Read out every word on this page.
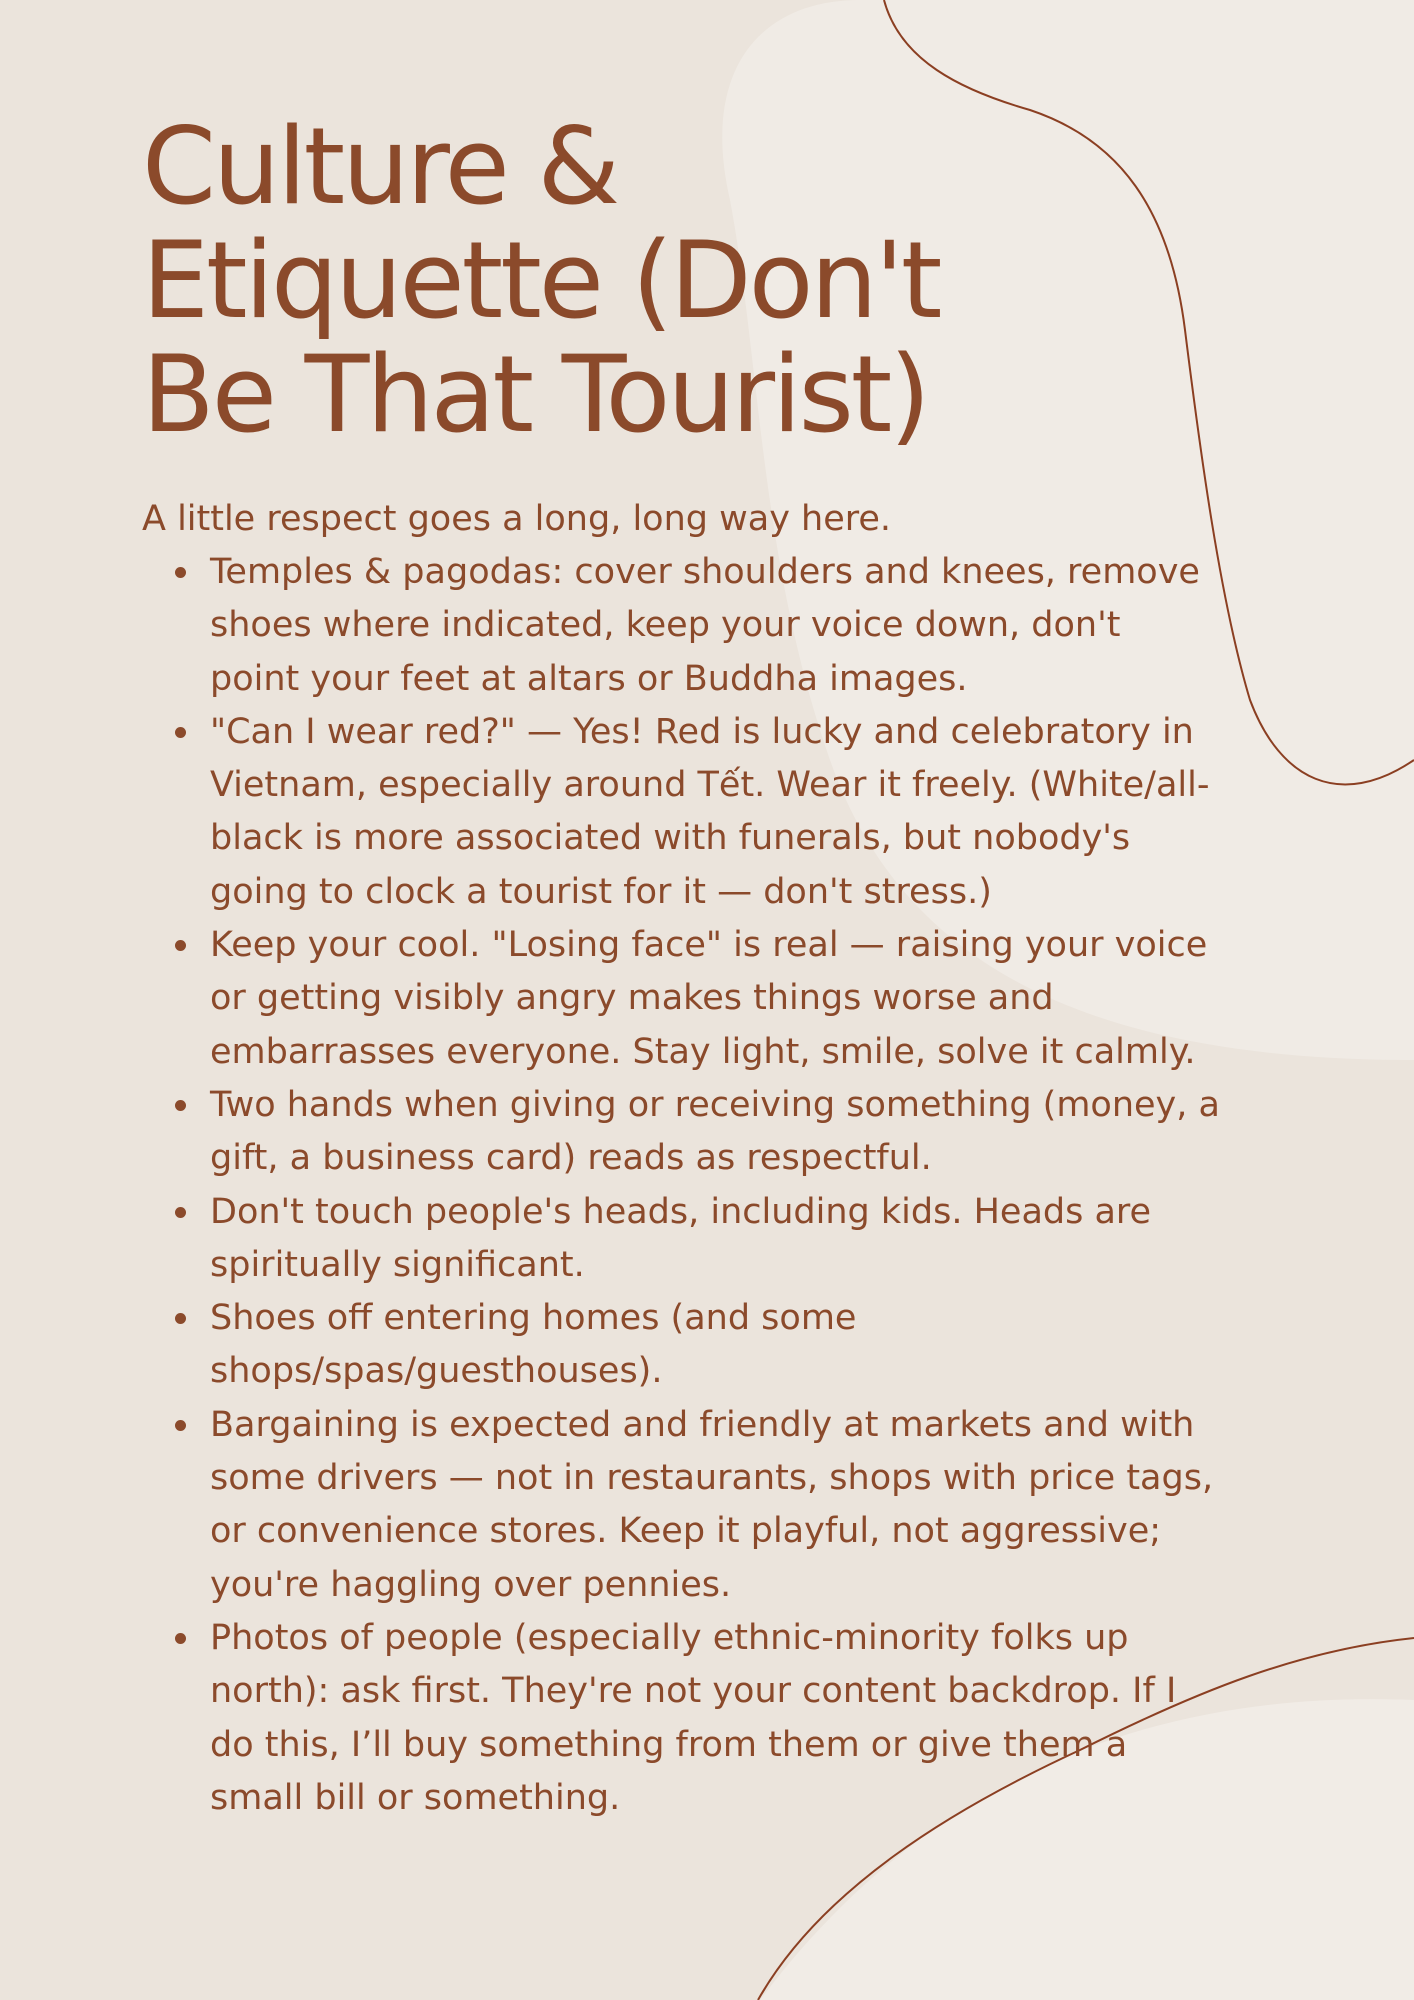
Culture & Etiquette (Don't Be That Tourist)

A little respect goes a long, long way here.

Temples & pagodas: cover shoulders and knees, remove shoes where indicated, keep your voice down, don't point your feet at altars or Buddha images.
"Can I wear red?" — Yes! Red is lucky and celebratory in Vietnam, especially around Tết. Wear it freely. (White/all-black is more associated with funerals, but nobody's going to clock a tourist for it — don't stress.)
Keep your cool. "Losing face" is real — raising your voice or getting visibly angry makes things worse and embarrasses everyone. Stay light, smile, solve it calmly.
Two hands when giving or receiving something (money, a gift, a business card) reads as respectful.
Don't touch people's heads, including kids. Heads are spiritually significant.
Shoes off entering homes (and some shops/spas/guesthouses).
Bargaining is expected and friendly at markets and with some drivers — not in restaurants, shops with price tags, or convenience stores. Keep it playful, not aggressive; you're haggling over pennies.
Photos of people (especially ethnic-minority folks up north): ask first. They're not your content backdrop. If I do this, I’ll buy something from them or give them a small bill or something.
